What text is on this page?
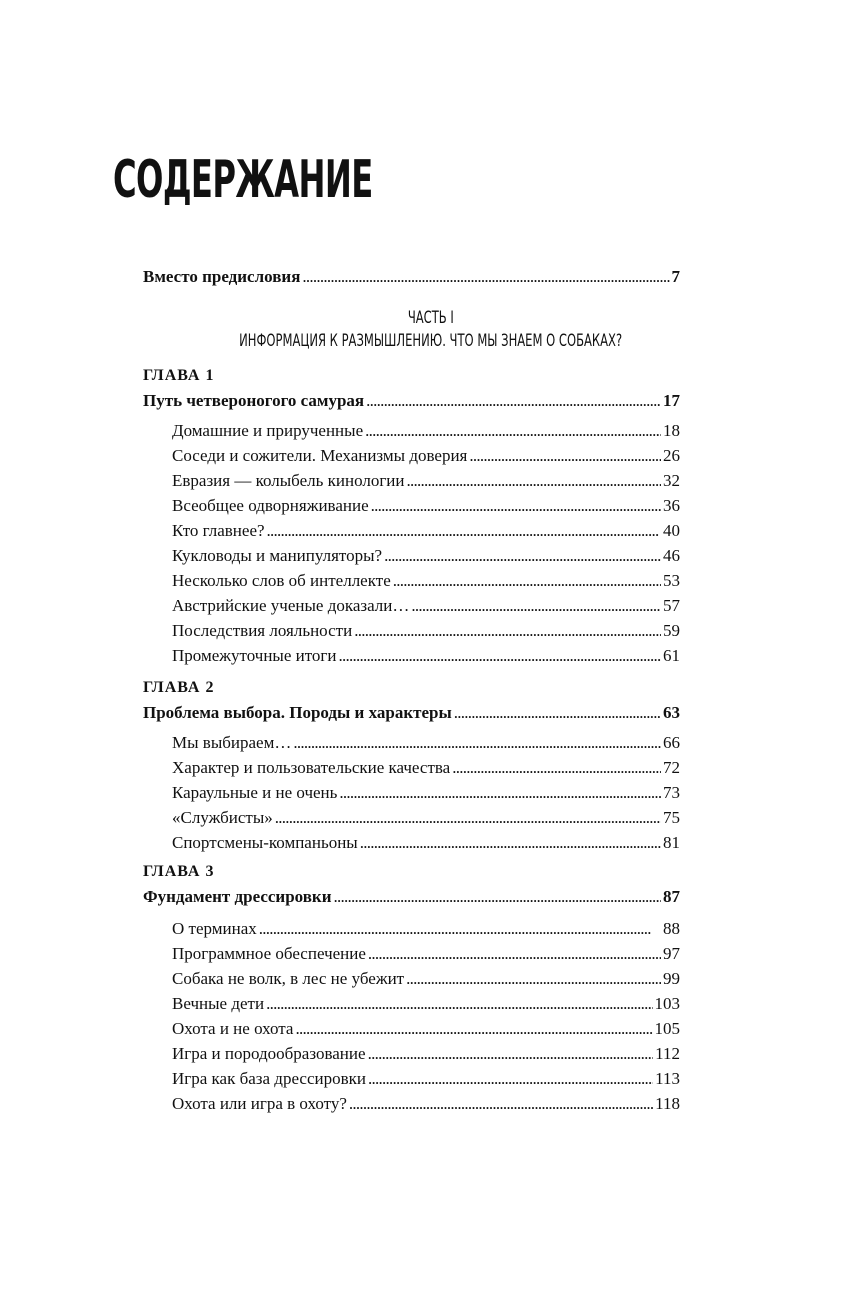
СОДЕРЖАНИЕ
Вместо предисловия . . .	7
ЧАСТЬ I
ИНФОРМАЦИЯ К РАЗМЫШЛЕНИЮ. ЧТО МЫ ЗНАЕМ О СОБАКАХ?
ГЛАВА 1
Путь четвероногого самурая . . .	17
Домашние и прирученные . . .	18
Соседи и сожители. Механизмы доверия . . .	26
Евразия — колыбель кинологии . . .	32
Всеобщее одворняживание . . .	36
Кто главнее? . . .	40
Кукловоды и манипуляторы? . . .	46
Несколько слов об интеллекте . . .	53
Австрийские ученые доказали… . . .	57
Последствия лояльности . . .	59
Промежуточные итоги . . .	61
ГЛАВА 2
Проблема выбора. Породы и характеры . . .	63
Мы выбираем… . . .	66
Характер и пользовательские качества . . .	72
Караульные и не очень . . .	73
«Службисты» . . .	75
Спортсмены-компаньоны . . .	81
ГЛАВА 3
Фундамент дрессировки . . .	87
О терминах . . .	88
Программное обеспечение . . .	97
Собака не волк, в лес не убежит . . .	99
Вечные дети . . .	103
Охота и не охота . . .	105
Игра и породообразование . . .	112
Игра как база дрессировки . . .	113
Охота или игра в охоту? . . .	118
